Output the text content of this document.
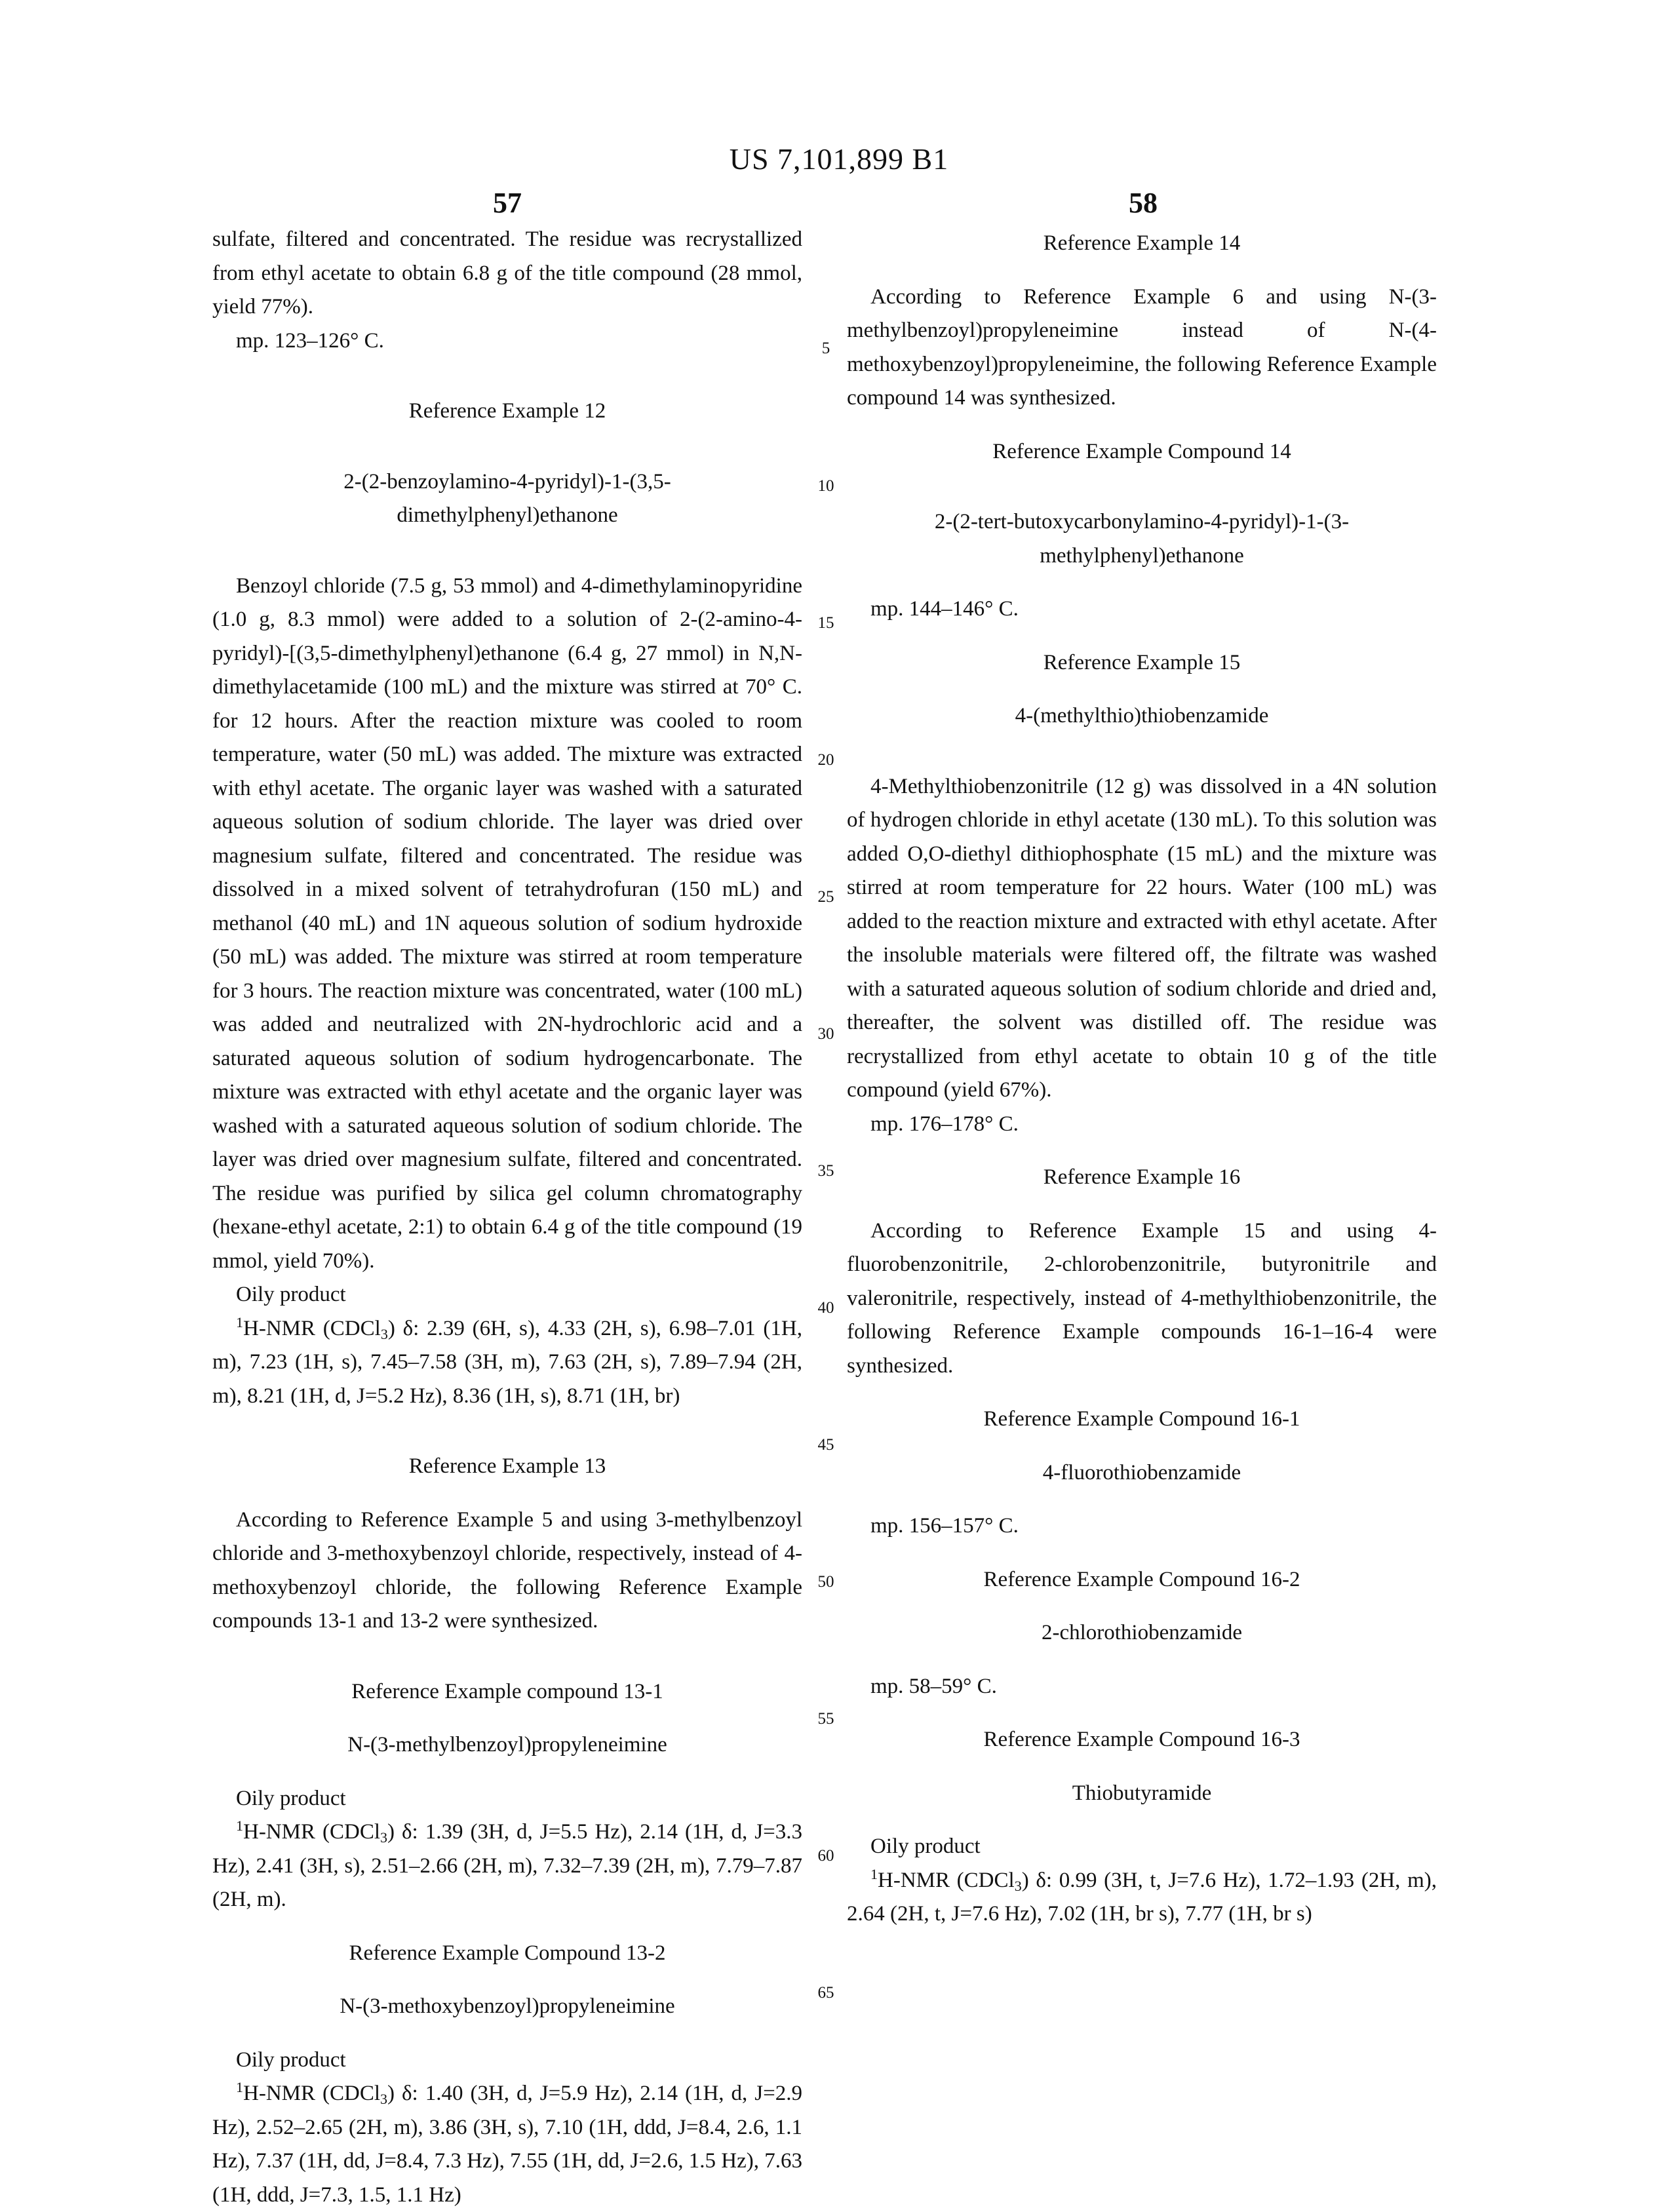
US 7,101,899 B1
57	58

sulfate, filtered and concentrated. The residue was recrystallized from ethyl acetate to obtain 6.8 g of the title compound (28 mmol, yield 77%).

mp. 123–126° C.

Reference Example 12

2-(2-benzoylamino-4-pyridyl)-1-(3,5-dimethylphenyl)ethanone

Benzoyl chloride (7.5 g, 53 mmol) and 4-dimethylaminopyridine (1.0 g, 8.3 mmol) were added to a solution of 2-(2-amino-4-pyridyl)-[(3,5-dimethylphenyl)ethanone (6.4 g, 27 mmol) in N,N-dimethylacetamide (100 mL) and the mixture was stirred at 70° C. for 12 hours. After the reaction mixture was cooled to room temperature, water (50 mL) was added. The mixture was extracted with ethyl acetate. The organic layer was washed with a saturated aqueous solution of sodium chloride. The layer was dried over magnesium sulfate, filtered and concentrated. The residue was dissolved in a mixed solvent of tetrahydrofuran (150 mL) and methanol (40 mL) and 1N aqueous solution of sodium hydroxide (50 mL) was added. The mixture was stirred at room temperature for 3 hours. The reaction mixture was concentrated, water (100 mL) was added and neutralized with 2N-hydrochloric acid and a saturated aqueous solution of sodium hydrogencarbonate. The mixture was extracted with ethyl acetate and the organic layer was washed with a saturated aqueous solution of sodium chloride. The layer was dried over magnesium sulfate, filtered and concentrated. The residue was purified by silica gel column chromatography (hexane-ethyl acetate, 2:1) to obtain 6.4 g of the title compound (19 mmol, yield 70%).

Oily product

1H-NMR (CDCl3) δ: 2.39 (6H, s), 4.33 (2H, s), 6.98–7.01 (1H, m), 7.23 (1H, s), 7.45–7.58 (3H, m), 7.63 (2H, s), 7.89–7.94 (2H, m), 8.21 (1H, d, J=5.2 Hz), 8.36 (1H, s), 8.71 (1H, br)

Reference Example 13

According to Reference Example 5 and using 3-methylbenzoyl chloride and 3-methoxybenzoyl chloride, respectively, instead of 4-methoxybenzoyl chloride, the following Reference Example compounds 13-1 and 13-2 were synthesized.

Reference Example compound 13-1

N-(3-methylbenzoyl)propyleneimine

Oily product

1H-NMR (CDCl3) δ: 1.39 (3H, d, J=5.5 Hz), 2.14 (1H, d, J=3.3 Hz), 2.41 (3H, s), 2.51–2.66 (2H, m), 7.32–7.39 (2H, m), 7.79–7.87 (2H, m).

Reference Example Compound 13-2

N-(3-methoxybenzoyl)propyleneimine

Oily product

1H-NMR (CDCl3) δ: 1.40 (3H, d, J=5.9 Hz), 2.14 (1H, d, J=2.9 Hz), 2.52–2.65 (2H, m), 3.86 (3H, s), 7.10 (1H, ddd, J=8.4, 2.6, 1.1 Hz), 7.37 (1H, dd, J=8.4, 7.3 Hz), 7.55 (1H, dd, J=2.6, 1.5 Hz), 7.63 (1H, ddd, J=7.3, 1.5, 1.1 Hz)

Reference Example 14

According to Reference Example 6 and using N-(3-methylbenzoyl)propyleneimine instead of N-(4-methoxybenzoyl)propyleneimine, the following Reference Example compound 14 was synthesized.

Reference Example Compound 14

2-(2-tert-butoxycarbonylamino-4-pyridyl)-1-(3-methylphenyl)ethanone

mp. 144–146° C.

Reference Example 15

4-(methylthio)thiobenzamide

4-Methylthiobenzonitrile (12 g) was dissolved in a 4N solution of hydrogen chloride in ethyl acetate (130 mL). To this solution was added O,O-diethyl dithiophosphate (15 mL) and the mixture was stirred at room temperature for 22 hours. Water (100 mL) was added to the reaction mixture and extracted with ethyl acetate. After the insoluble materials were filtered off, the filtrate was washed with a saturated aqueous solution of sodium chloride and dried and, thereafter, the solvent was distilled off. The residue was recrystallized from ethyl acetate to obtain 10 g of the title compound (yield 67%).

mp. 176–178° C.

Reference Example 16

According to Reference Example 15 and using 4-fluorobenzonitrile, 2-chlorobenzonitrile, butyronitrile and valeronitrile, respectively, instead of 4-methylthiobenzonitrile, the following Reference Example compounds 16-1–16-4 were synthesized.

Reference Example Compound 16-1

4-fluorothiobenzamide

mp. 156–157° C.

Reference Example Compound 16-2

2-chlorothiobenzamide

mp. 58–59° C.

Reference Example Compound 16-3

Thiobutyramide

Oily product

1H-NMR (CDCl3) δ: 0.99 (3H, t, J=7.6 Hz), 1.72–1.93 (2H, m), 2.64 (2H, t, J=7.6 Hz), 7.02 (1H, br s), 7.77 (1H, br s)

5
10
15
20
25
30
35
40
45
50
55
60
65
